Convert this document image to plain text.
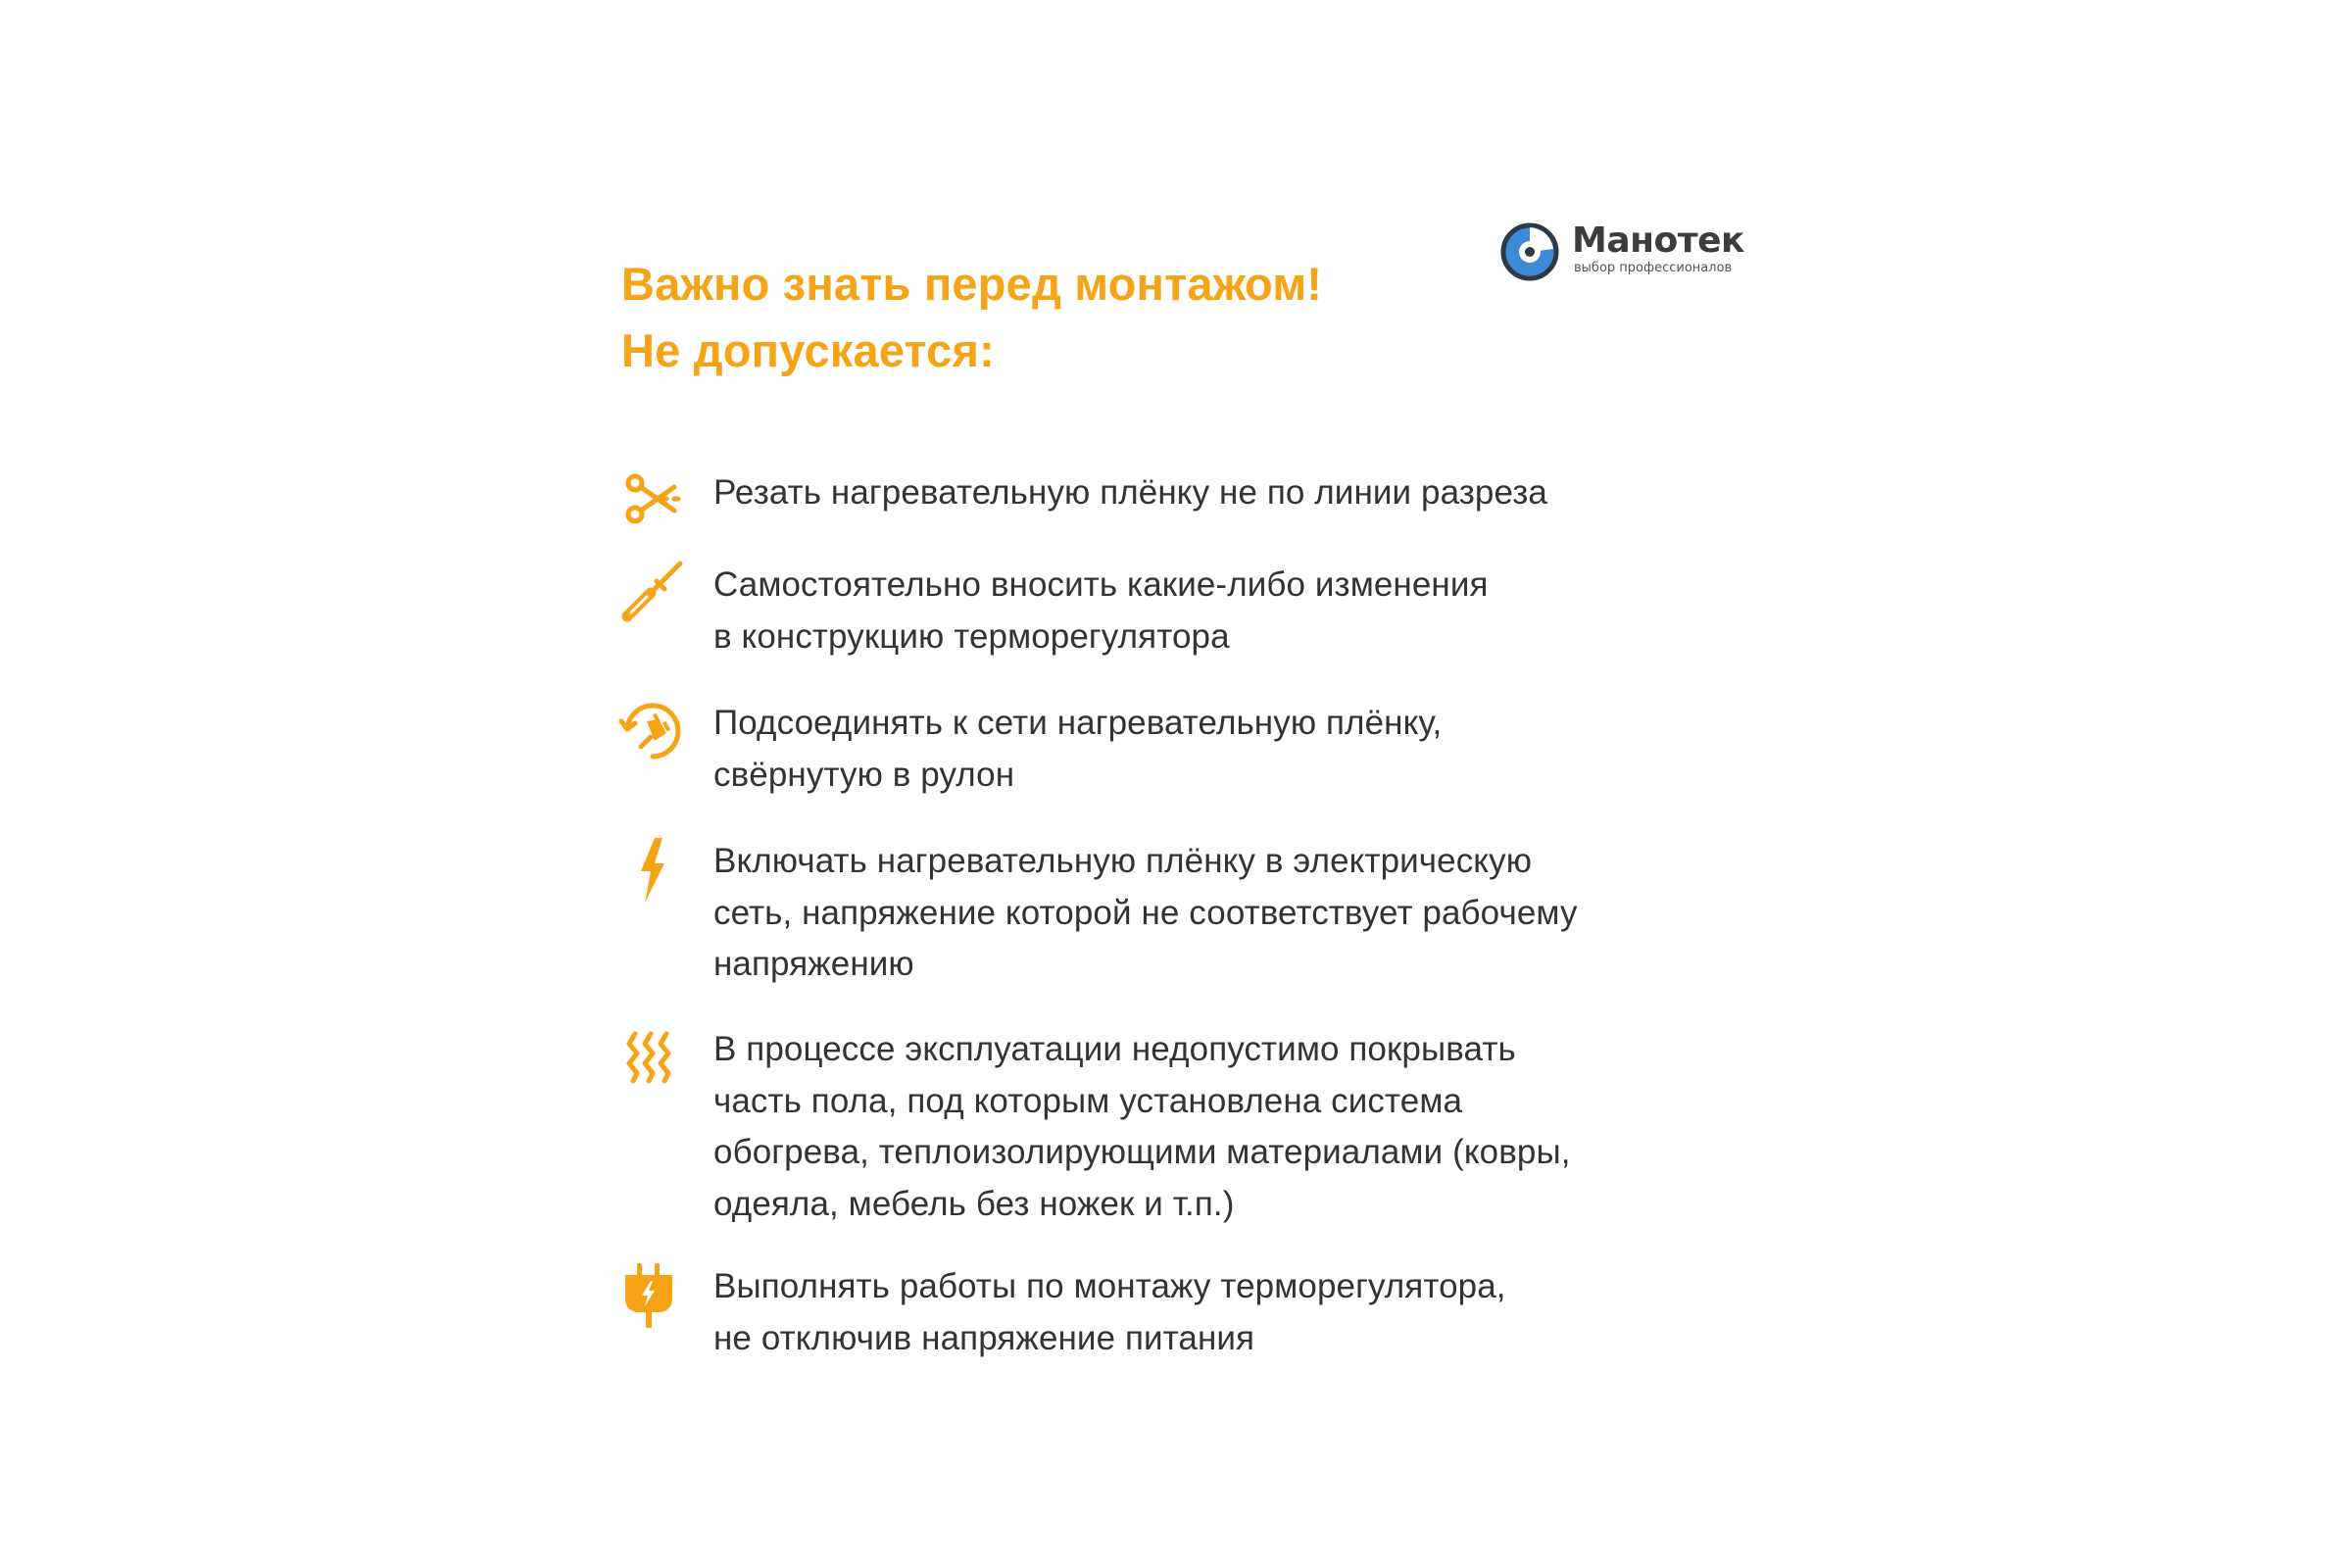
Важно знать перед монтажом!
Не допускается:
Манотек
выбор профессионалов

Резать нагревательную плёнку не по линии разреза

Самостоятельно вносить какие-либо изменения
в конструкцию терморегулятора

Подсоединять к сети нагревательную плёнку,
свёрнутую в рулон

Включать нагревательную плёнку в электрическую
сеть, напряжение которой не соответствует рабочему
напряжению

В процессе эксплуатации недопустимо покрывать
часть пола, под которым установлена система
обогрева, теплоизолирующими материалами (ковры,
одеяла, мебель без ножек и т.п.)

Выполнять работы по монтажу терморегулятора,
не отключив напряжение питания
